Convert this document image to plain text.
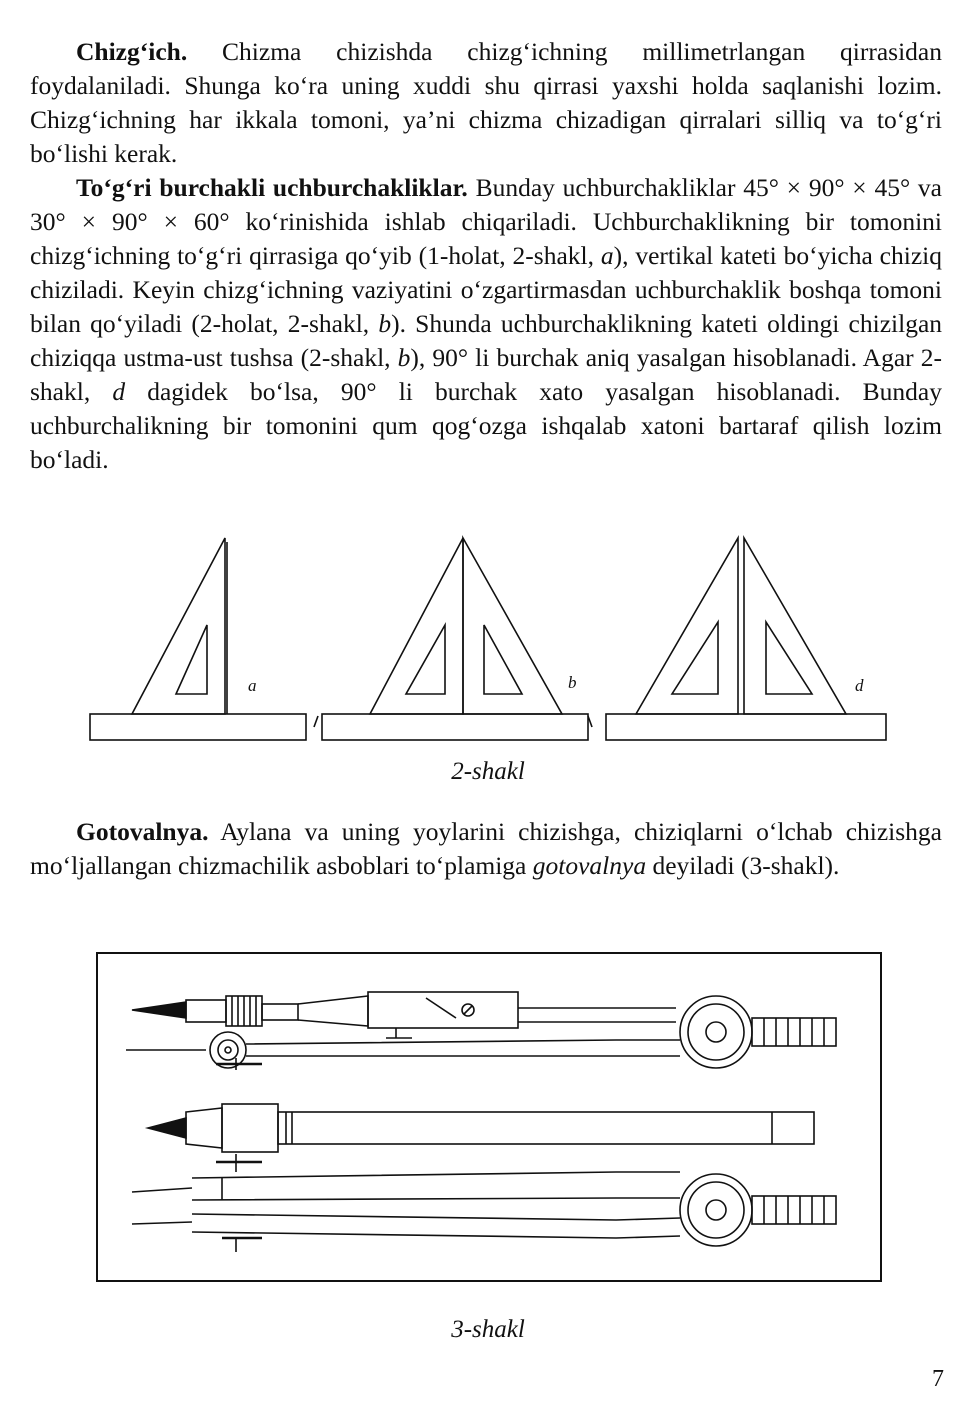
Chizg‘ich. Chizma chizishda chizg‘ichning millimetrlangan qirrasidan foydalaniladi. Shunga ko‘ra uning xuddi shu qirrasi yaxshi holda saqlanishi lozim. Chizg‘ichning har ikkala tomoni, ya’ni chizma chizadigan qirralari silliq va to‘g‘ri bo‘lishi kerak.

To‘g‘ri burchakli uchburchakliklar. Bunday uchburchakliklar 45° × 90° × 45° va 30° × 90° × 60° ko‘rinishida ishlab chiqariladi. Uchburchaklikning bir tomonini chizg‘ichning to‘g‘ri qirrasiga qo‘yib (1-holat, 2-shakl, a), vertikal kateti bo‘yicha chiziq chiziladi. Keyin chizg‘ichning vaziyatini o‘zgartirmasdan uchburchaklik boshqa tomoni bilan qo‘yiladi (2-holat, 2-shakl, b). Shunda uchburchaklikning kateti oldingi chizilgan chiziqqa ustma-ust tushsa (2-shakl, b), 90° li burchak aniq yasalgan hisoblanadi. Agar 2-shakl, d dagidek bo‘lsa, 90° li burchak xato yasalgan hisoblanadi. Bunday uchburchalikning bir tomonini qum qog‘ozga ishqalab xatoni bartaraf qilish lozim bo‘ladi.

a	b	d
2-shakl

Gotovalnya. Aylana va uning yoylarini chizishga, chiziqlarni o‘lchab chizishga mo‘ljallangan chizmachilik asboblari to‘plamiga gotovalnya deyiladi (3-shakl).

3-shakl
7
